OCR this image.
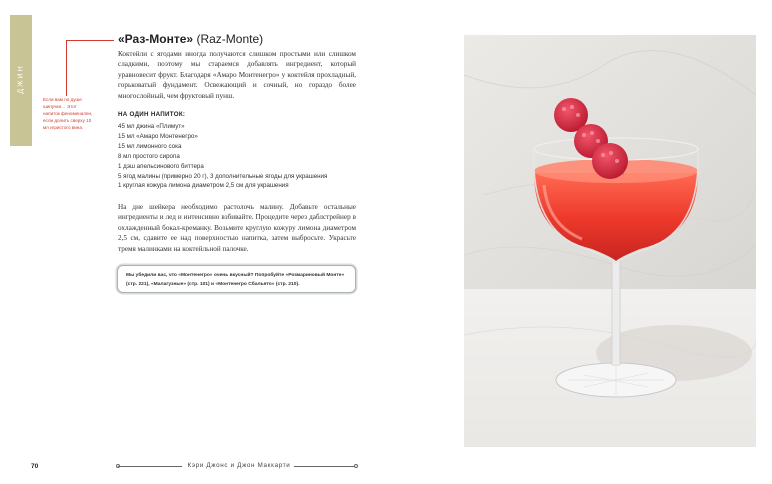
ДЖИН

Если вам по душе шипучки… Этот напиток феноменален, если долить сверху 10 мл игристого вина.

«Раз-Монте» (Raz-Monte)

Коктейли с ягодами иногда получаются слишком простыми или слишком сладкими, поэтому мы стараемся добавлять ингредиент, который уравновесит фрукт. Благодаря «Амаро Монтенегро» у коктейля прохладный, горьковатый фундамент. Освежающий и сочный, но гораздо более многослойный, чем фруктовый пунш.

НА ОДИН НАПИТОК:

45 мл джина «Плимут»
15 мл «Амаро Монтенегро»
15 мл лимонного сока
8 мл простого сиропа
1 дэш апельсинового биттера
5 ягод малины (примерно 20 г), 3 дополнительные ягоды для украшения
1 круглая кожура лимона диаметром 2,5 см для украшения

На дне шейкера необходимо растолочь малину. Добавьте остальные ингредиенты и лед и интенсивно взбивайте. Процедите через даблстрейнер в охлажденный бокал-креманку. Возьмите круглую кожуру лимона диаметром 2,5 см, сдавите ее над поверхностью напитка, затем выбросьте. Украсьте тремя малинками на коктейльной палочке.

Мы убедили вас, что «Монтенегро» очень вкусный? Попробуйте «Розмариновый Монте» (стр. 221), «Малагузные» (стр. 101) и «Монтенегро Сбальято» (стр. 210).

70	Кэри Джонс и Джон Маккарти
